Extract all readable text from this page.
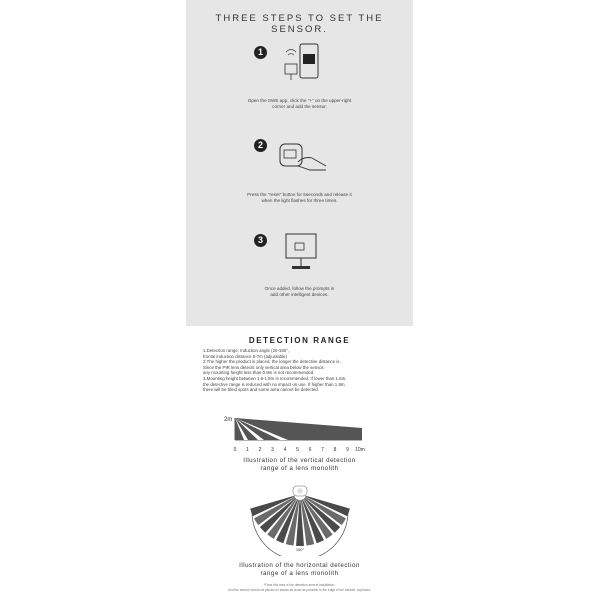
THREE STEPS TO SET THE SENSOR.
1
Open the SWE app, click the "+" on the upper-right
corner and add the sensor.
2
Press the "reset" button for 5seconds and release it
when the light flashes for three times.
3
Once added, follow the prompts in
add other intelligent devices.
DETECTION RANGE
1.Detection range: Induction angle (20-150°,
frontal induction distance 5-7m (adjustable)
2.The higher the product is placed, the longer the detective distance is.
Since the PIR lens detects only vertical area below the sensor,
any mounting height less than 0.9m is not recommended.
3.Mounting height between 1.6-1.8m is recommended. If lower than 1.6m,
the detective range is reduced with no impact on use. If higher than 1.8m,
there will be blind spots and some area cannot be detected.
2m
0 1 2 3 4 5 6 7 8 9 10m
Illustration of the vertical detection
range of a lens monolith
150°
Illustration of the horizontal detection
range of a lens monolith
*Fans this area is the detection area in installation.
And the sensor should be placed on stacks as close as possible to the edge of the cabinet, cupboard.
